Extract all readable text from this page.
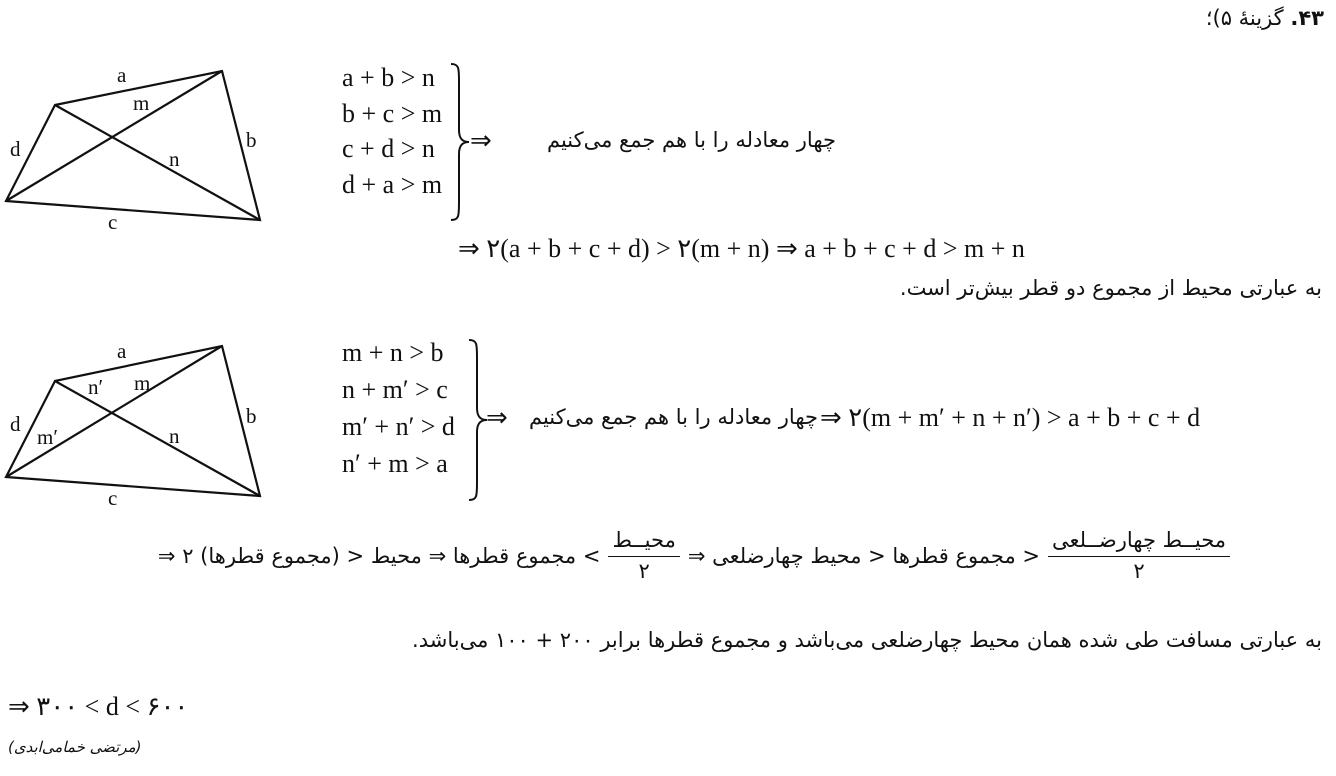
۴۳. گزینهٔ ۵)؛
a
m
d	n
b
c
a + b > n
b + c > m
c + d > n
d + a > m
⇒	چهار معادله را با هم جمع می‌کنیم
⇒ ۲(a + b + c + d) > ۲(m + n) ⇒ a + b + c + d > m + n
به عبارتی محیط از مجموع دو قطر بیش‌تر است.
a
n′ m
d
m′	n
b
c
m + n > b
n + m′ > c
m′ + n′ > d
n′ + m > a
⇒ چهار معادله را با هم جمع می‌کنیم ⇒ ۲(m + m′ + n + n′) > a + b + c + d
$\frac{\text{محیــط چهارضــلعی}}{۲}$
< مجموع قطرها < محیط چهارضلعی ⇒
$\frac{\text{محیــط}}{۲}$
> مجموع قطرها ⇒ محیط < (مجموع قطرها) ۲ ⇒
به عبارتی مسافت طی شده همان محیط چهارضلعی می‌باشد و مجموع قطرها برابر ۲۰۰ + ۱۰۰ می‌باشد.
⇒ ۳۰۰ < d < ۶۰۰
(مرتضی خمامی‌ابدی)
